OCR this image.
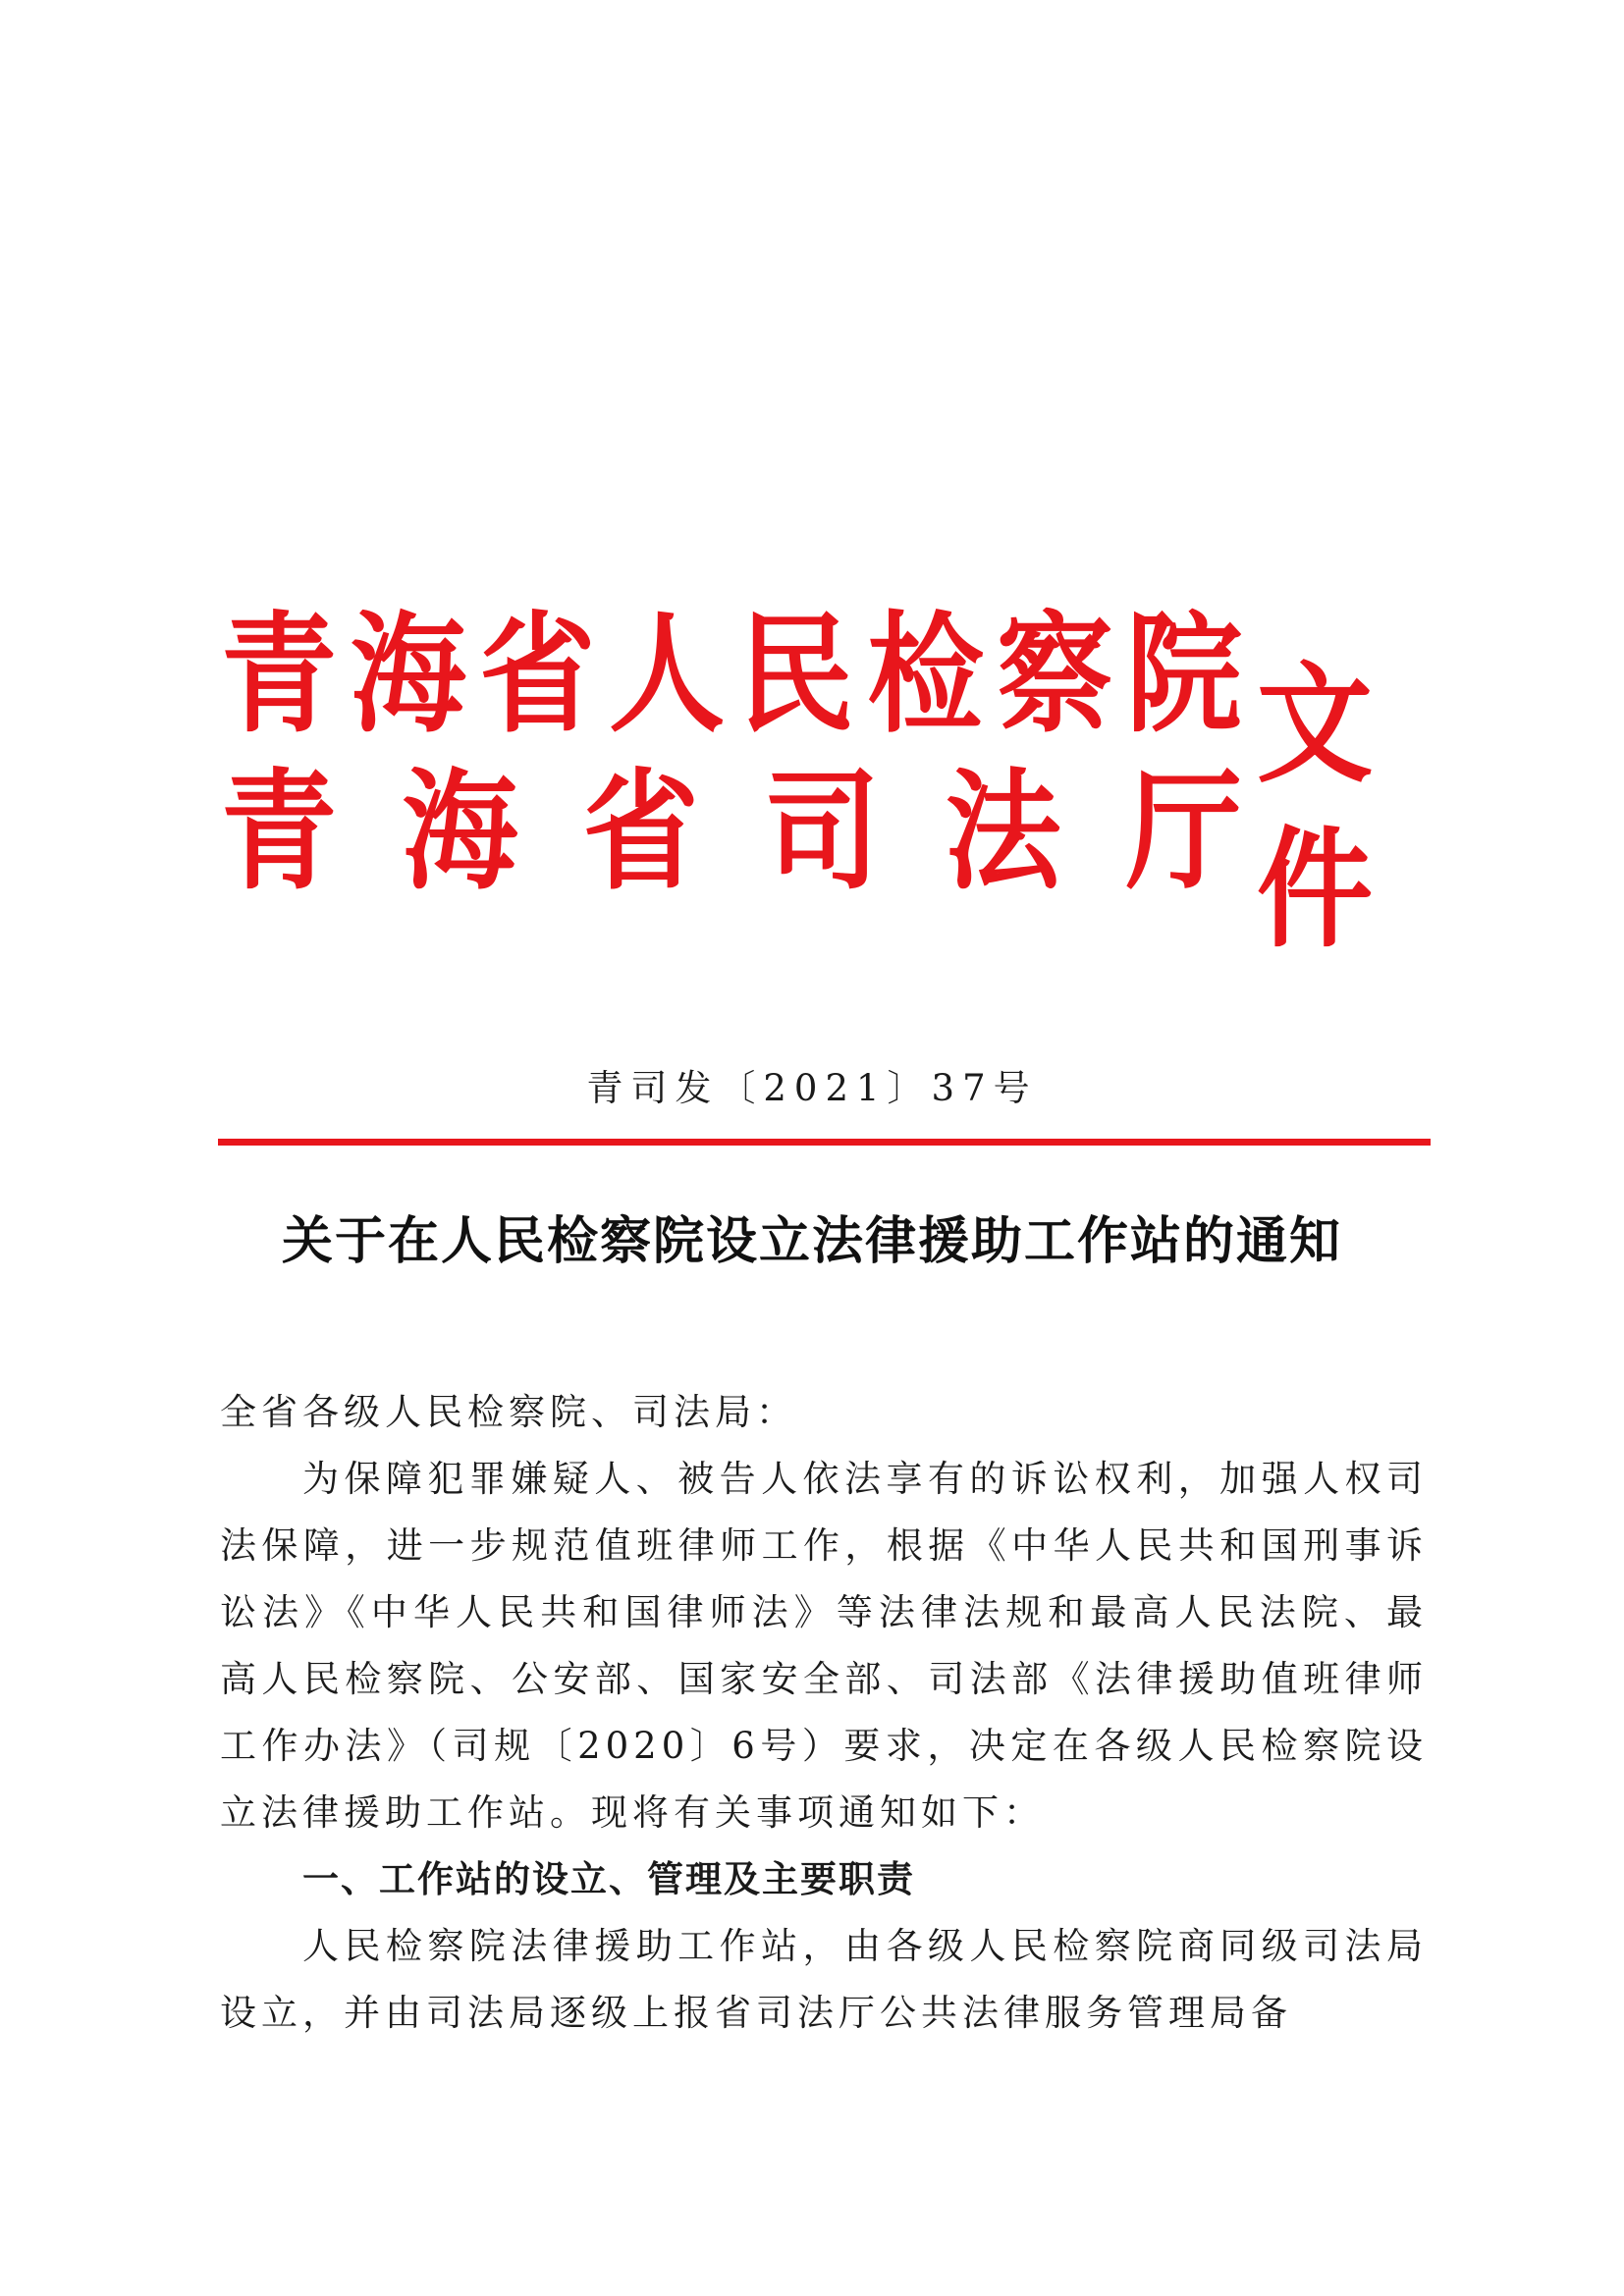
青 海 省 人 民 检 察 院
青 海 省 司 法 厅
文件
青司发〔2021〕37号
关于在人民检察院设立法律援助工作站的通知

全省各级人民检察院、司法局：

为保障犯罪嫌疑人、被告人依法享有的诉讼权利，加强人权司法保障，进一步规范值班律师工作，根据《中华人民共和国刑事诉讼法》《中华人民共和国律师法》等法律法规和最高人民法院、最高人民检察院、公安部、国家安全部、司法部《法律援助值班律师工作办法》（司规〔2020〕6号）要求，决定在各级人民检察院设立法律援助工作站。现将有关事项通知如下：

一、工作站的设立、管理及主要职责

人民检察院法律援助工作站，由各级人民检察院商同级司法局设立，并由司法局逐级上报省司法厅公共法律服务管理局备
